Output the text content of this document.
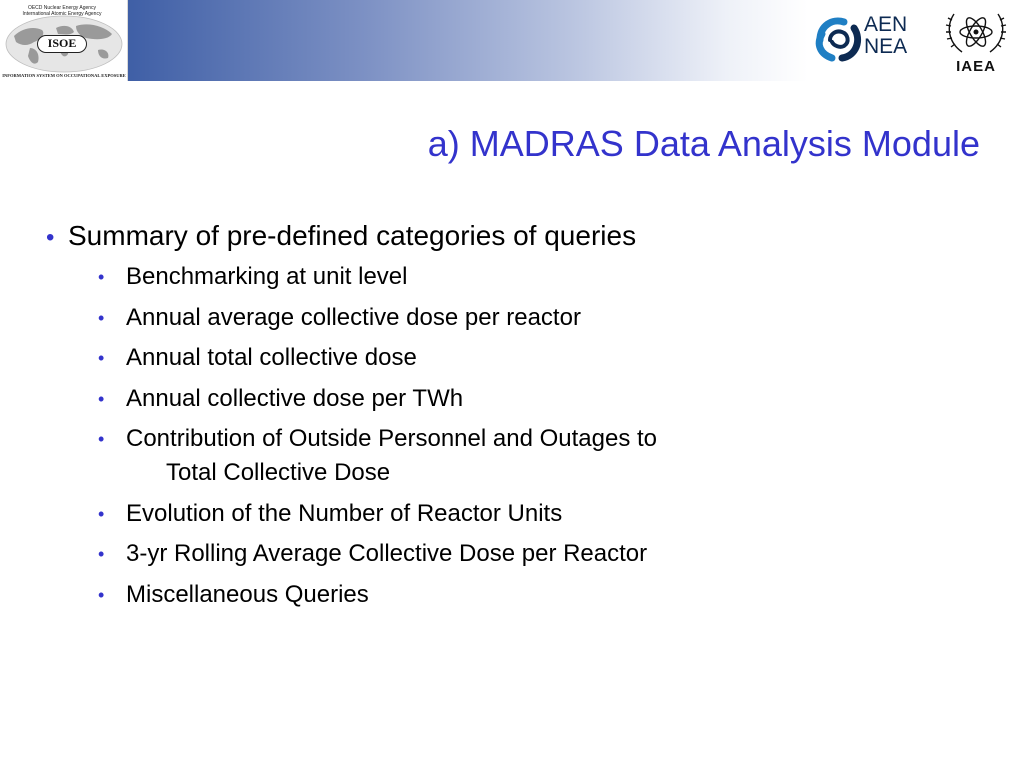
OECD Nuclear Energy Agency
International Atomic Energy Agency
ISOE
INFORMATION SYSTEM ON OCCUPATIONAL EXPOSURE
AEN
NEA
IAEA
a) MADRAS Data Analysis Module
• Summary of pre-defined categories of queries
• Benchmarking at unit level
• Annual average collective dose per reactor
• Annual total collective dose
• Annual collective dose per TWh
• Contribution of Outside Personnel and Outages to
Total Collective Dose
• Evolution of the Number of Reactor Units
• 3-yr Rolling Average Collective Dose per Reactor
• Miscellaneous Queries
